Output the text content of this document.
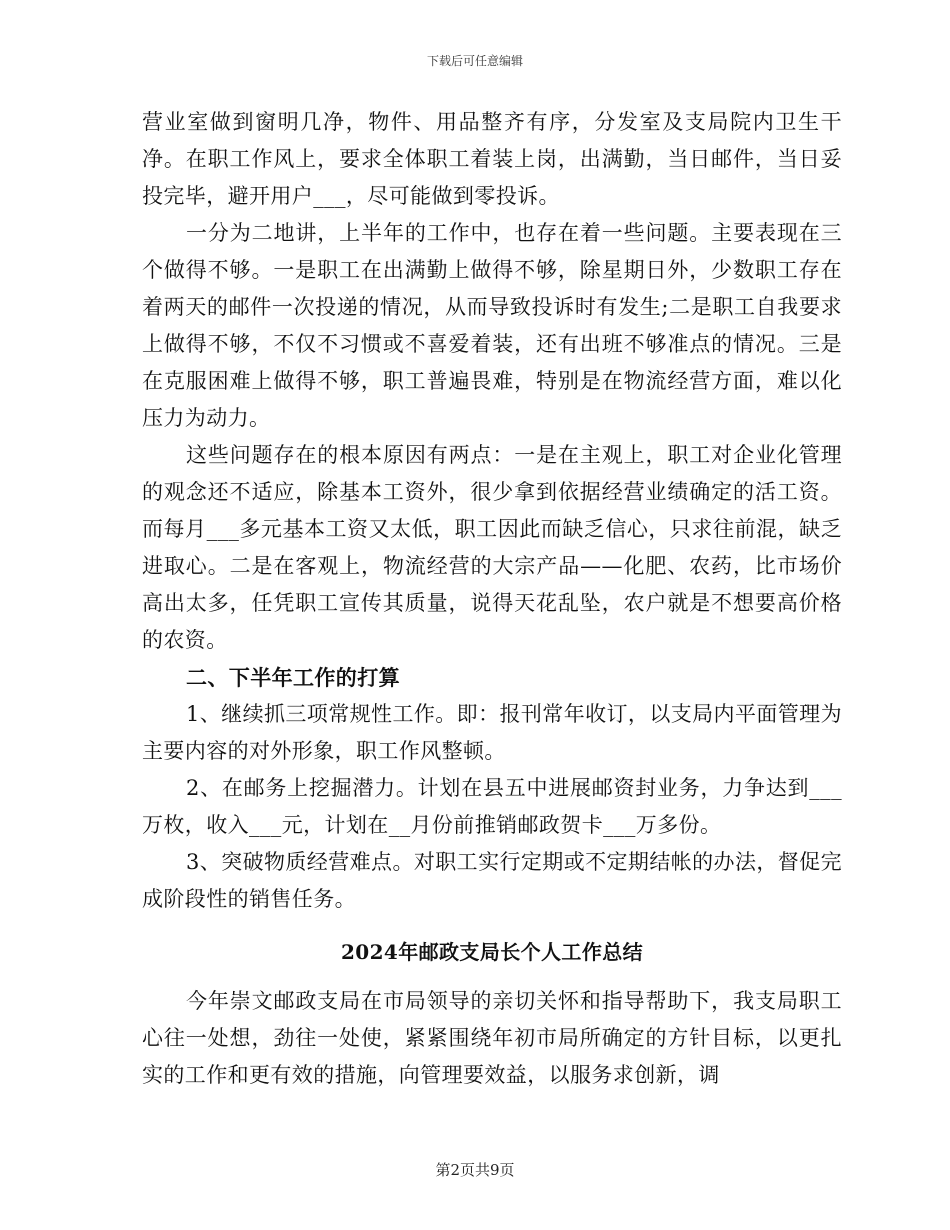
下载后可任意编辑

营业室做到窗明几净，物件、用品整齐有序，分发室及支局院内卫生干净。在职工作风上，要求全体职工着装上岗，出满勤，当日邮件，当日妥投完毕，避开用户___，尽可能做到零投诉。

一分为二地讲，上半年的工作中，也存在着一些问题。主要表现在三个做得不够。一是职工在出满勤上做得不够，除星期日外，少数职工存在着两天的邮件一次投递的情况，从而导致投诉时有发生;二是职工自我要求上做得不够，不仅不习惯或不喜爱着装，还有出班不够准点的情况。三是在克服困难上做得不够，职工普遍畏难，特别是在物流经营方面，难以化压力为动力。

这些问题存在的根本原因有两点：一是在主观上，职工对企业化管理的观念还不适应，除基本工资外，很少拿到依据经营业绩确定的活工资。而每月___多元基本工资又太低，职工因此而缺乏信心，只求往前混，缺乏进取心。二是在客观上，物流经营的大宗产品——化肥、农药，比市场价高出太多，任凭职工宣传其质量，说得天花乱坠，农户就是不想要高价格的农资。

二、下半年工作的打算

1、继续抓三项常规性工作。即：报刊常年收订，以支局内平面管理为主要内容的对外形象，职工作风整顿。

2、在邮务上挖掘潜力。计划在县五中进展邮资封业务，力争达到___万枚，收入___元，计划在__月份前推销邮政贺卡___万多份。

3、突破物质经营难点。对职工实行定期或不定期结帐的办法，督促完成阶段性的销售任务。

2024年邮政支局长个人工作总结

今年崇文邮政支局在市局领导的亲切关怀和指导帮助下，我支局职工心往一处想，劲往一处使，紧紧围绕年初市局所确定的方针目标，以更扎实的工作和更有效的措施，向管理要效益，以服务求创新，调

第2页共9页
